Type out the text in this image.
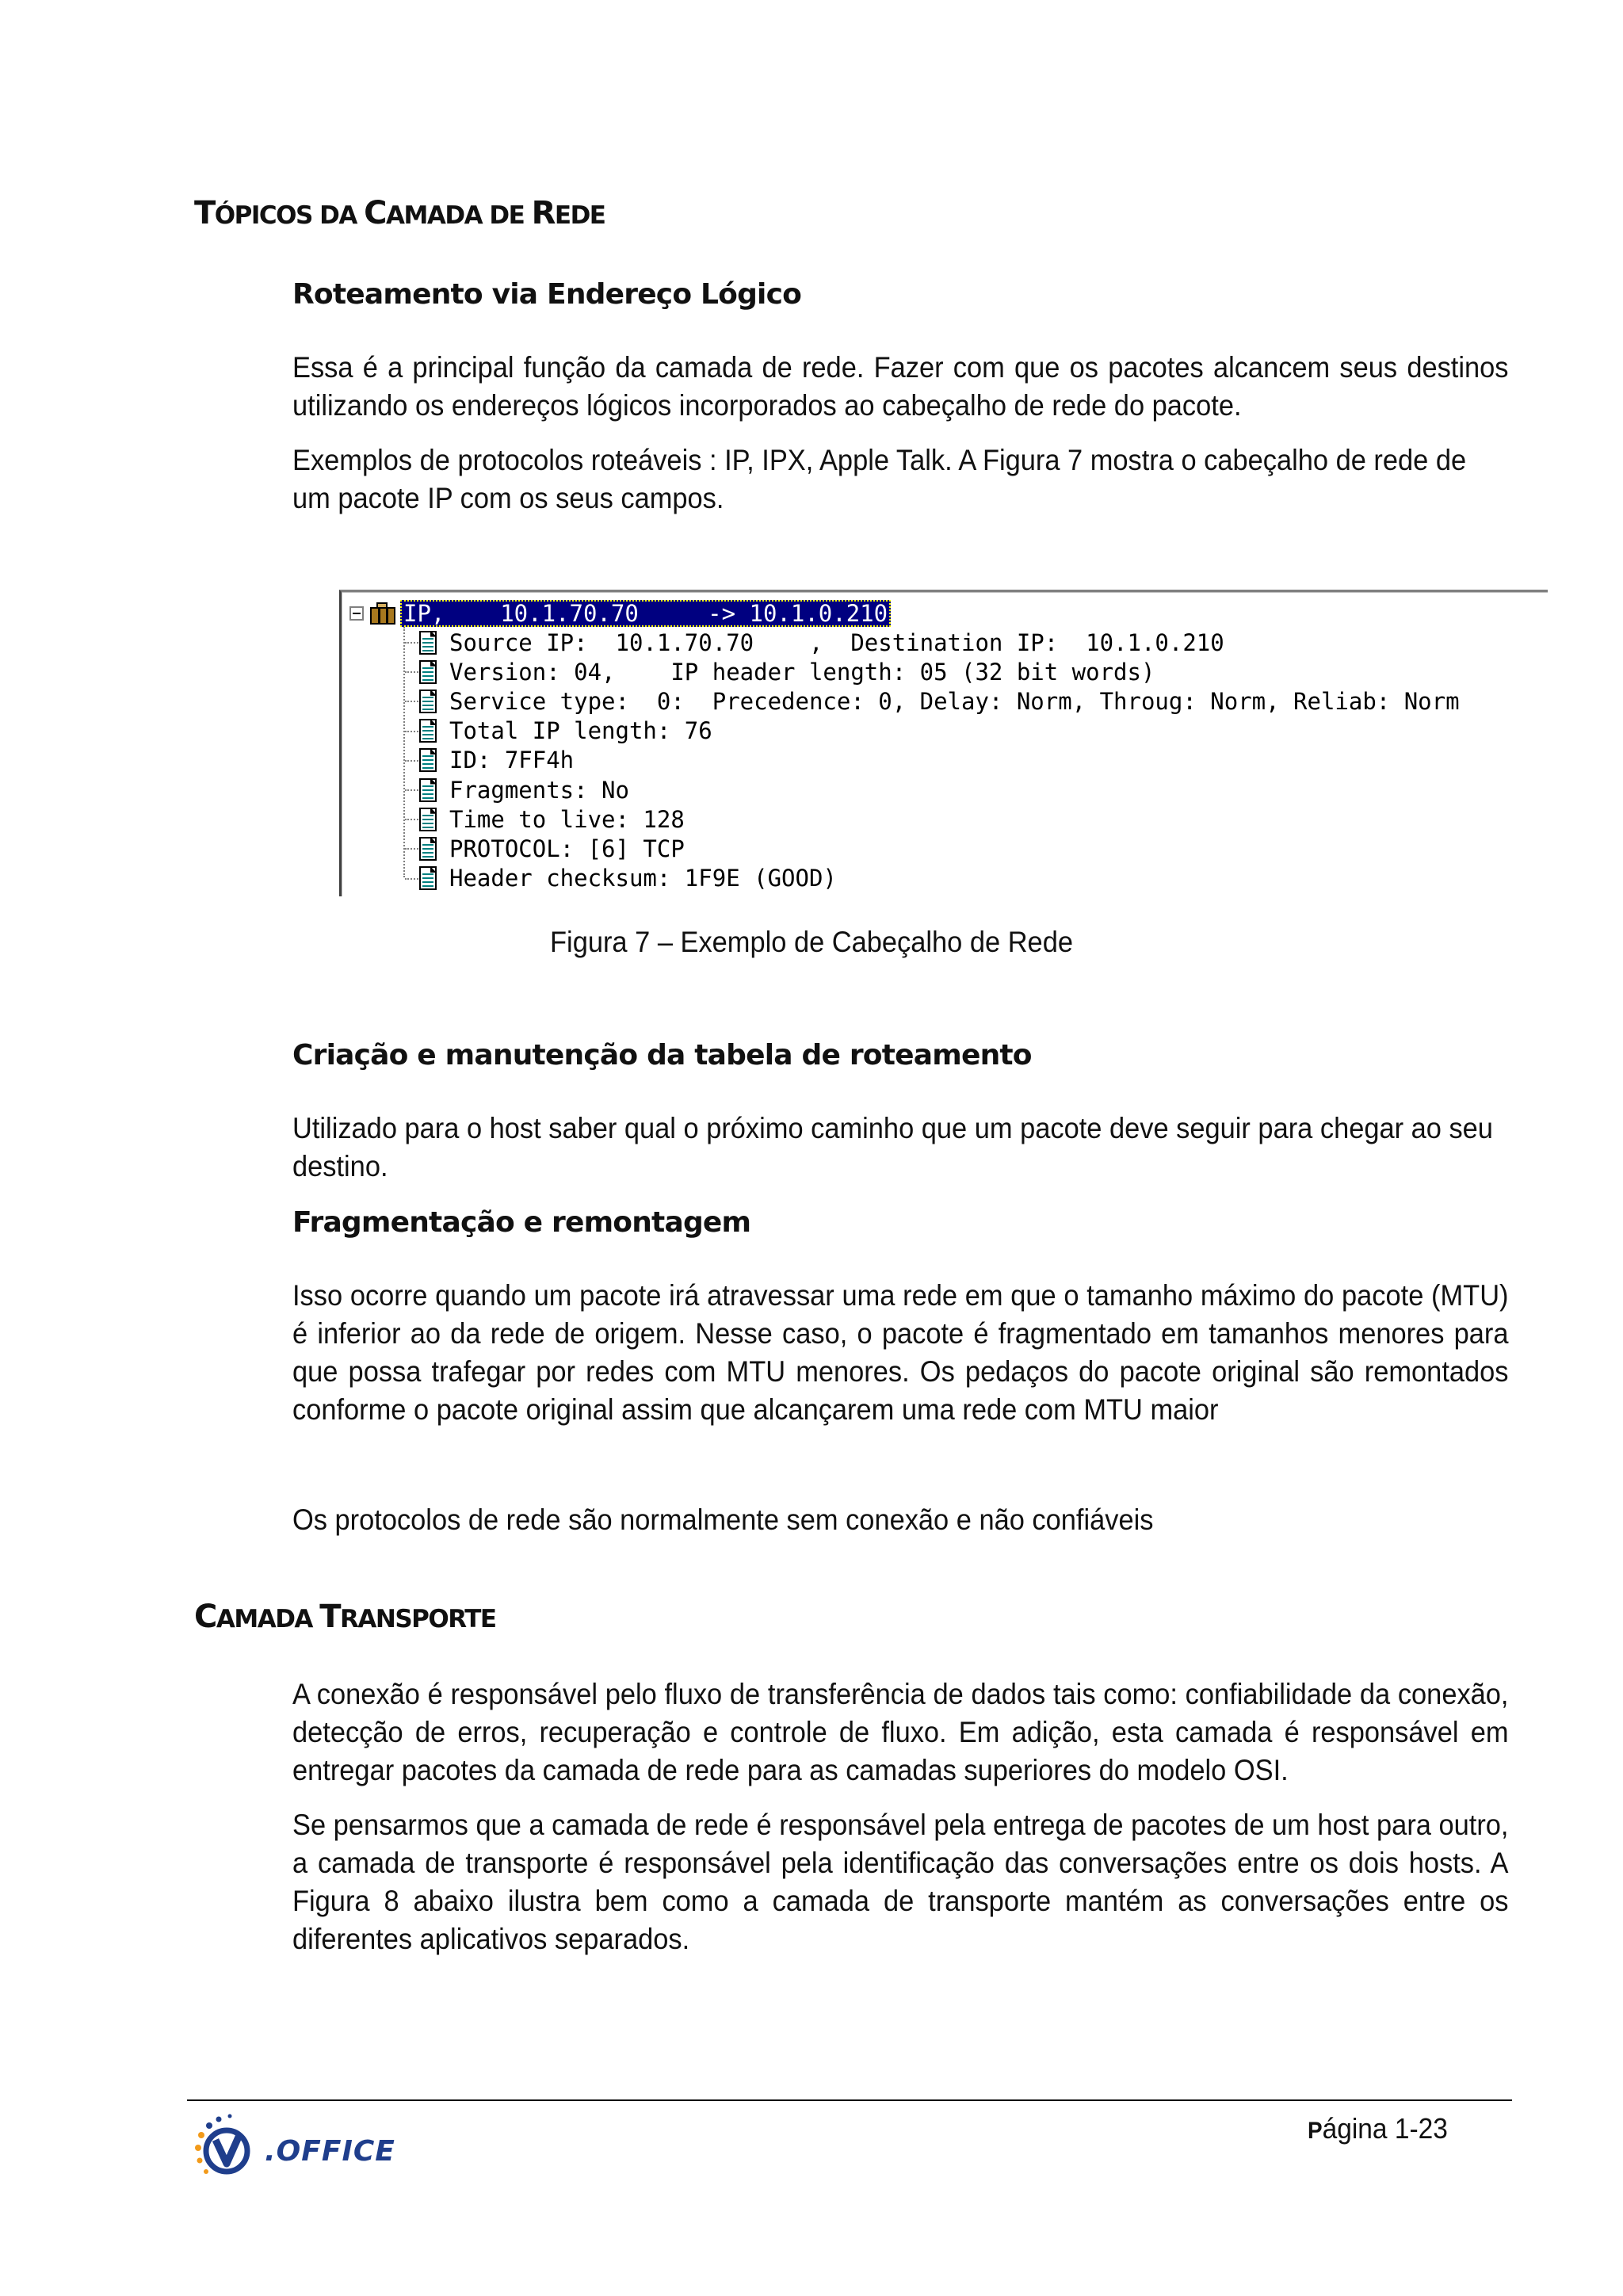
TÓPICOS DA CAMADA DE REDE
Roteamento via Endereço Lógico

Essa é a principal função da camada de rede. Fazer com que os pacotes alcancem seus destinos utilizando os endereços lógicos incorporados ao cabeçalho de rede do pacote.

Exemplos de protocolos roteáveis : IP, IPX, Apple Talk. A Figura 7 mostra o cabeçalho de rede de um pacote IP com os seus campos.

IP,    10.1.70.70     -> 10.1.0.210
Source IP:  10.1.70.70    ,  Destination IP:  10.1.0.210
Version: 04,    IP header length: 05 (32 bit words)
Service type:  0:  Precedence: 0, Delay: Norm, Throug: Norm, Reliab: Norm
Total IP length: 76
ID: 7FF4h
Fragments: No
Time to live: 128
PROTOCOL: [6] TCP
Header checksum: 1F9E (GOOD)

Figura 7 – Exemplo de Cabeçalho de Rede

Criação e manutenção da tabela de roteamento

Utilizado para o host saber qual o próximo caminho que um pacote deve seguir para chegar ao seu destino.

Fragmentação e remontagem

Isso ocorre quando um pacote irá atravessar uma rede em que o tamanho máximo do pacote (MTU) é inferior ao da rede de origem. Nesse caso, o pacote é fragmentado em tamanhos menores para que possa trafegar por redes com MTU menores. Os pedaços do pacote original são remontados conforme o pacote original assim que alcançarem uma rede com MTU maior

Os protocolos de rede são normalmente sem conexão e não confiáveis

CAMADA TRANSPORTE

A conexão é responsável pelo fluxo de transferência de dados tais como: confiabilidade da conexão, detecção de erros, recuperação e controle de fluxo. Em adição, esta camada é responsável em entregar pacotes da camada de rede para as camadas superiores do modelo OSI.

Se pensarmos que a camada de rede é responsável pela entrega de pacotes de um host para outro, a camada de transporte é responsável pela identificação das conversações entre os dois hosts. A Figura 8 abaixo ilustra bem como a camada de transporte mantém as conversações entre os diferentes aplicativos separados.

.OFFICE
Página 1-23
